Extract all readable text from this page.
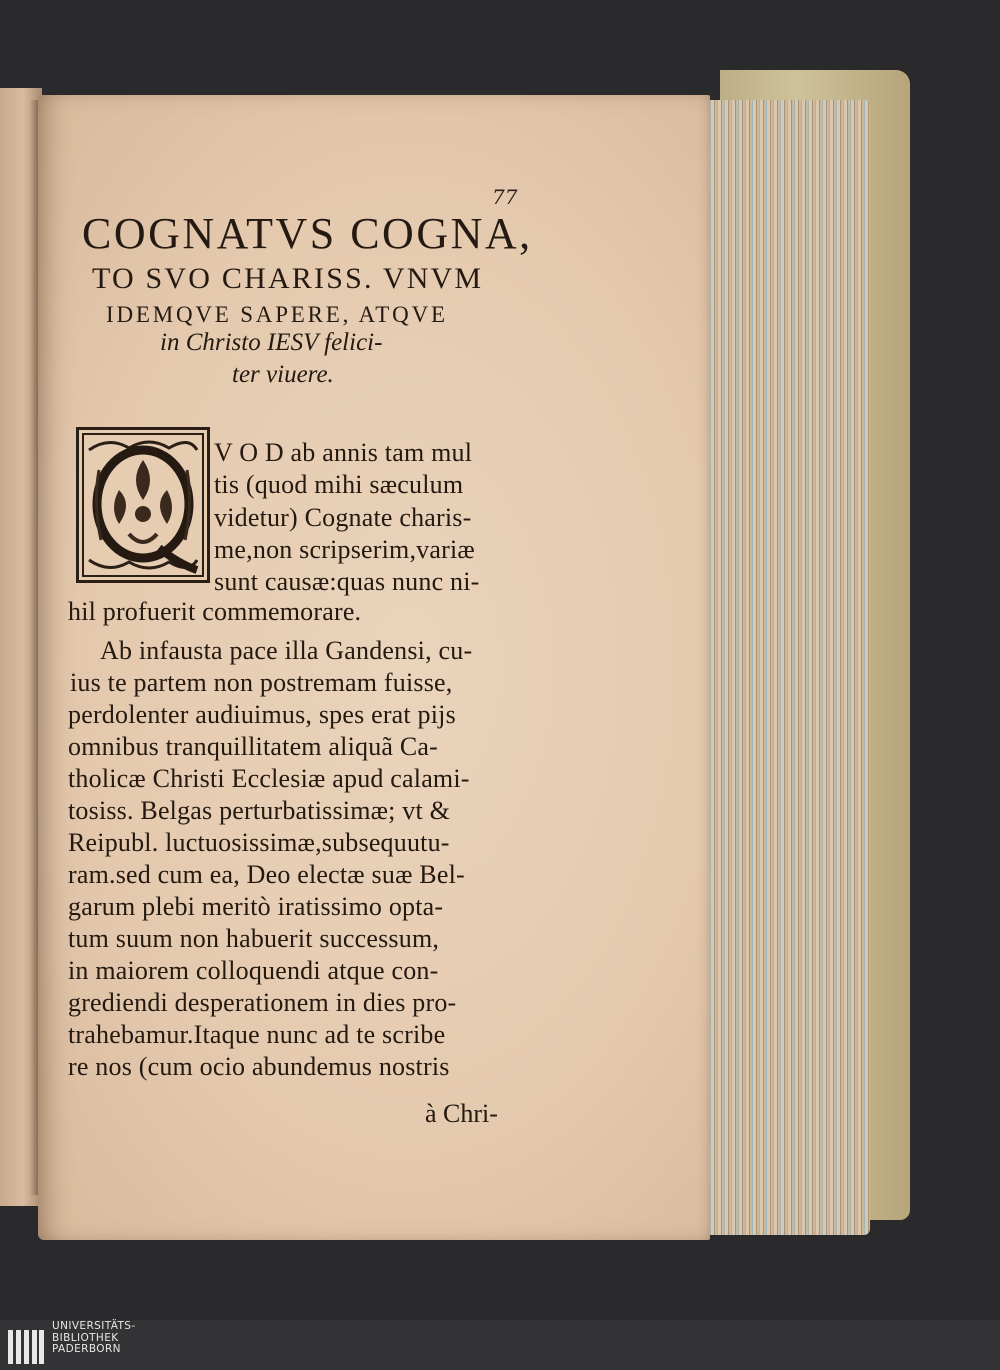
77
COGNATVS COGNA,
TO SVO CHARISS. VNVM
IDEMQVE SAPERE, ATQVE
in Christo IESV felici-
ter viuere.
V O D ab annis tam mul
tis (quod mihi sæculum
videtur) Cognate charis-
me,non scripserim,variæ
sunt causæ:quas nunc ni-
hil profuerit commemorare.
Ab infausta pace illa Gandensi, cu-
ius te partem non postremam fuisse,
perdolenter audiuimus, spes erat pijs
omnibus tranquillitatem aliquã Ca-
tholicæ Christi Ecclesiæ apud calami-
tosiss. Belgas perturbatissimæ; vt &
Reipubl. luctuosissimæ,subsequutu-
ram.sed cum ea, Deo electæ suæ Bel-
garum plebi meritò iratissimo opta-
tum suum non habuerit successum,
in maiorem colloquendi atque con-
grediendi desperationem in dies pro-
trahebamur.Itaque nunc ad te scribe
re nos (cum ocio abundemus nostris
à Chri-
UNIVERSITÄTS-
BIBLIOTHEK
PADERBORN
